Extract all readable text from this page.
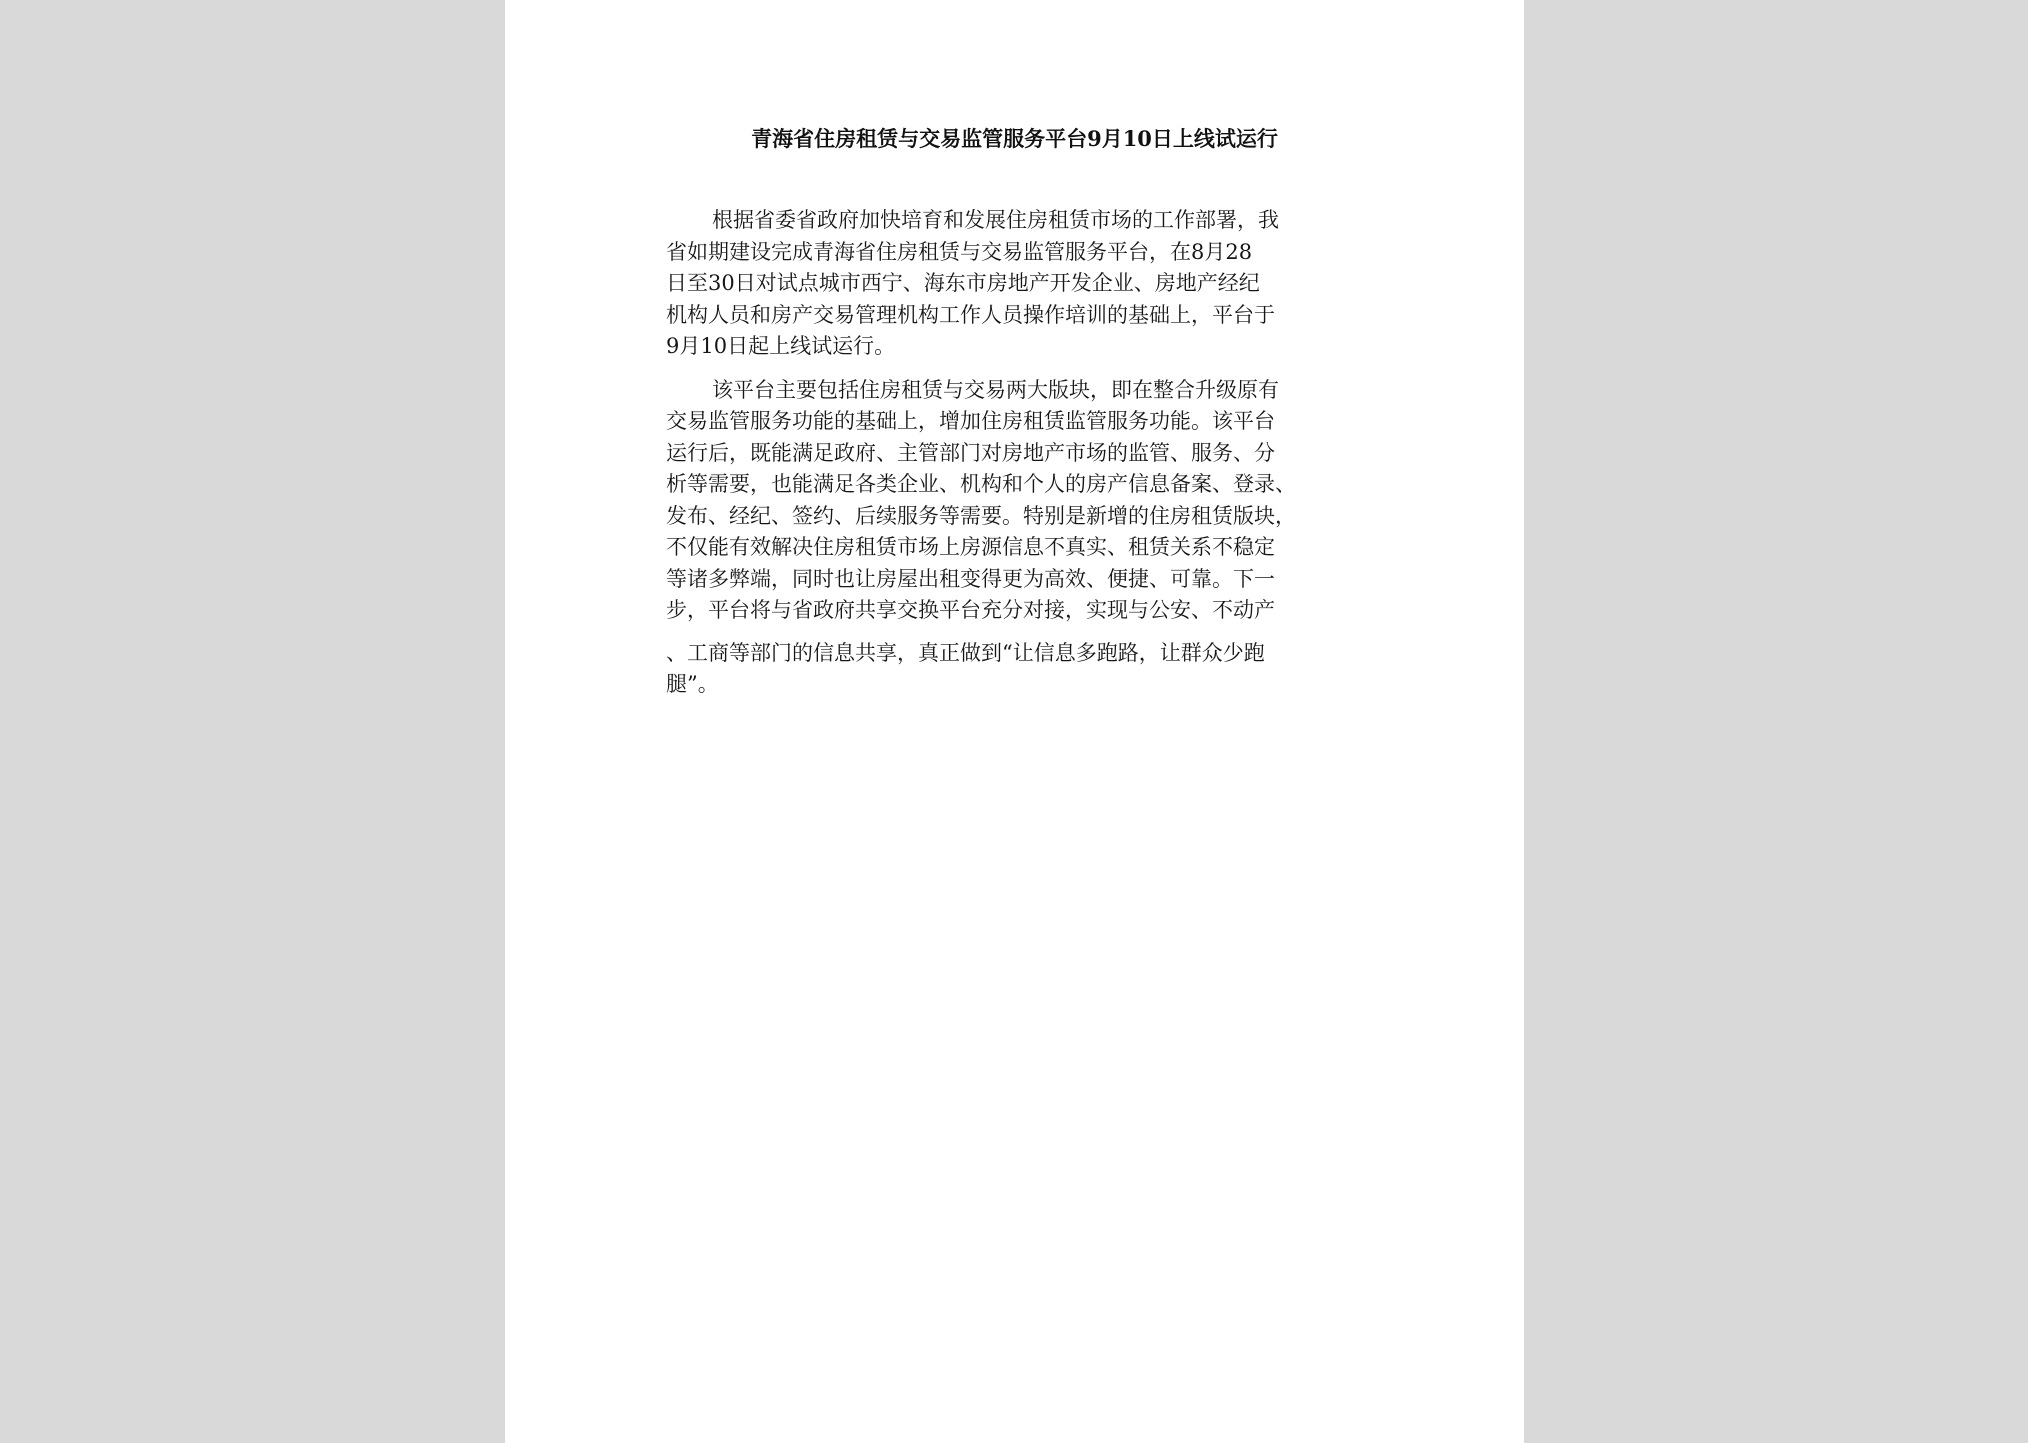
青海省住房租赁与交易监管服务平台9月10日上线试运行
根据省委省政府加快培育和发展住房租赁市场的工作部署，我
省如期建设完成青海省住房租赁与交易监管服务平台，在8月28
日至30日对试点城市西宁、海东市房地产开发企业、房地产经纪
机构人员和房产交易管理机构工作人员操作培训的基础上，平台于
9月10日起上线试运行。
该平台主要包括住房租赁与交易两大版块，即在整合升级原有
交易监管服务功能的基础上，增加住房租赁监管服务功能。该平台
运行后，既能满足政府、主管部门对房地产市场的监管、服务、分
析等需要，也能满足各类企业、机构和个人的房产信息备案、登录、
发布、经纪、签约、后续服务等需要。特别是新增的住房租赁版块，
不仅能有效解决住房租赁市场上房源信息不真实、租赁关系不稳定
等诸多弊端，同时也让房屋出租变得更为高效、便捷、可靠。下一
步，平台将与省政府共享交换平台充分对接，实现与公安、不动产
、工商等部门的信息共享，真正做到“让信息多跑路，让群众少跑
腿”。
